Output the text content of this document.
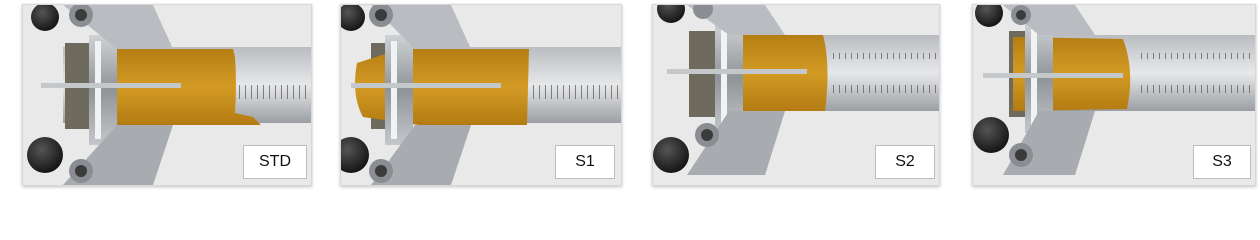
STD	S1	S2	S3
